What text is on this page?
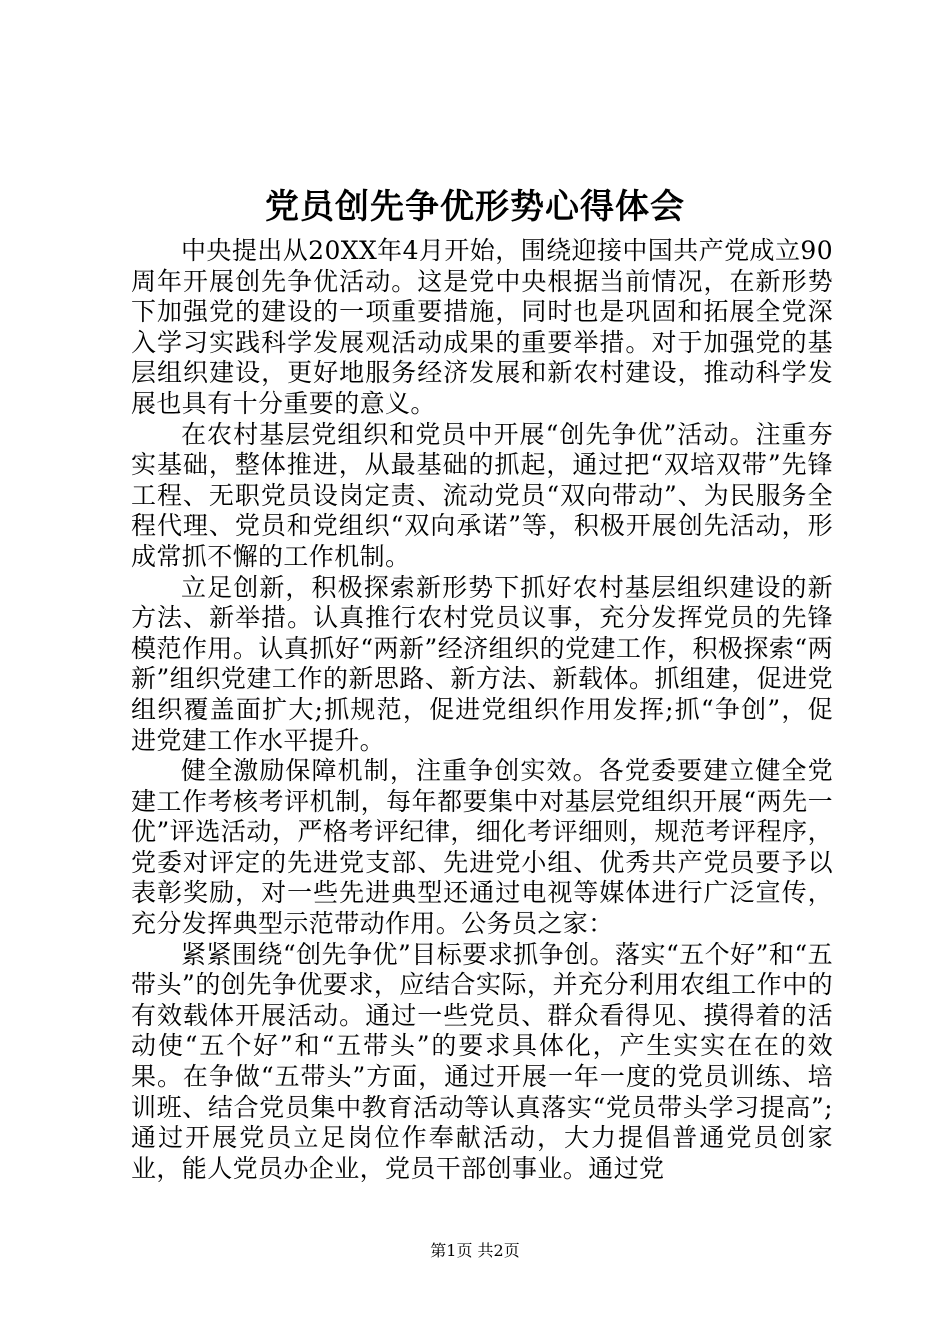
党员创先争优形势心得体会

中央提出从20XX年4月开始，围绕迎接中国共产党成立90周年开展创先争优活动。这是党中央根据当前情况，在新形势下加强党的建设的一项重要措施，同时也是巩固和拓展全党深入学习实践科学发展观活动成果的重要举措。对于加强党的基层组织建设，更好地服务经济发展和新农村建设，推动科学发展也具有十分重要的意义。

在农村基层党组织和党员中开展“创先争优”活动。注重夯实基础，整体推进，从最基础的抓起，通过把“双培双带”先锋工程、无职党员设岗定责、流动党员“双向带动”、为民服务全程代理、党员和党组织“双向承诺”等，积极开展创先活动，形成常抓不懈的工作机制。

立足创新，积极探索新形势下抓好农村基层组织建设的新方法、新举措。认真推行农村党员议事，充分发挥党员的先锋模范作用。认真抓好“两新”经济组织的党建工作，积极探索“两新”组织党建工作的新思路、新方法、新载体。抓组建，促进党组织覆盖面扩大;抓规范，促进党组织作用发挥;抓“争创”，促进党建工作水平提升。

健全激励保障机制，注重争创实效。各党委要建立健全党建工作考核考评机制，每年都要集中对基层党组织开展“两先一优”评选活动，严格考评纪律，细化考评细则，规范考评程序，党委对评定的先进党支部、先进党小组、优秀共产党员要予以表彰奖励，对一些先进典型还通过电视等媒体进行广泛宣传，充分发挥典型示范带动作用。公务员之家：

紧紧围绕“创先争优”目标要求抓争创。落实“五个好”和“五带头”的创先争优要求，应结合实际，并充分利用农组工作中的有效载体开展活动。通过一些党员、群众看得见、摸得着的活动使“五个好”和“五带头”的要求具体化，产生实实在在的效果。在争做“五带头”方面，通过开展一年一度的党员训练、培训班、结合党员集中教育活动等认真落实“党员带头学习提高”;通过开展党员立足岗位作奉献活动，大力提倡普通党员创家业，能人党员办企业，党员干部创事业。通过党

第1页 共2页
